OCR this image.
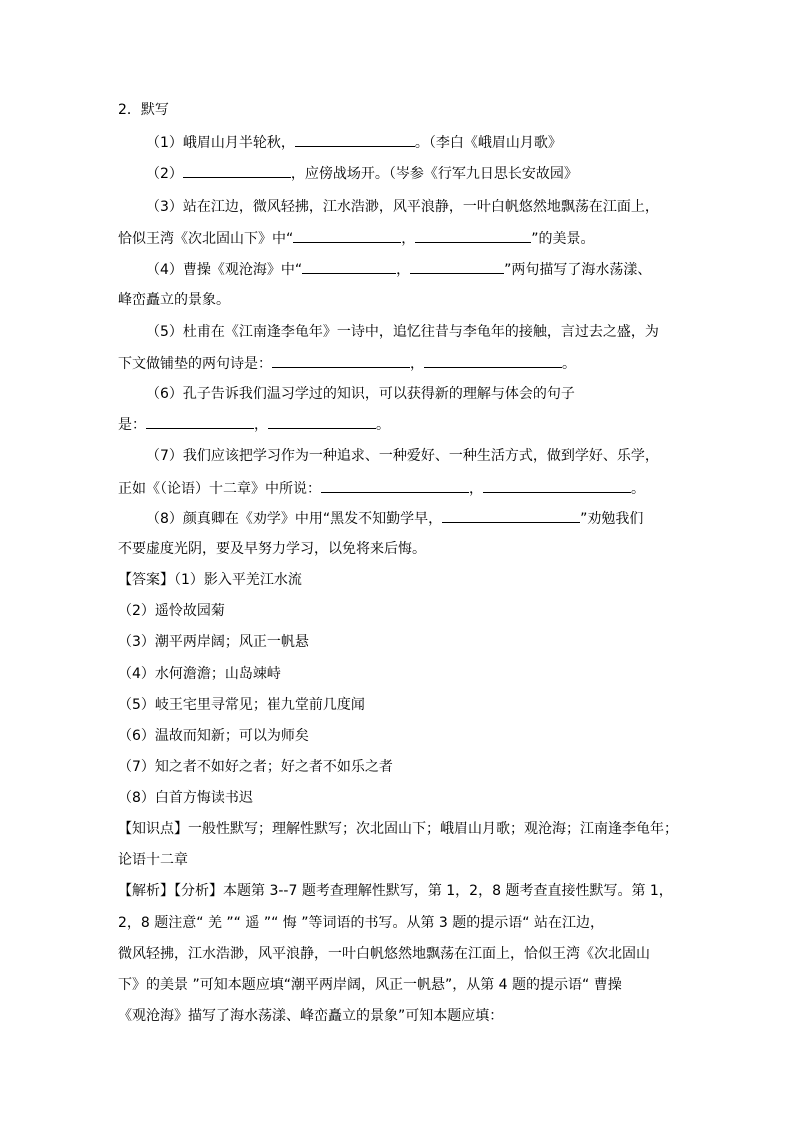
2．默写
（1）峨眉山月半轮秋，	。（李白《峨眉山月歌》
（2）	，应傍战场开。（岑参《行军九日思长安故园》
（3）站在江边，微风轻拂，江水浩渺，风平浪静，一叶白帆悠然地飘荡在江面上，
恰似王湾《次北固山下》中“	，	”的美景。
（4）曹操《观沧海》中“	，	”两句描写了海水荡漾、
峰峦矗立的景象。
（5）杜甫在《江南逢李龟年》一诗中，追忆往昔与李龟年的接触，言过去之盛，为
下文做铺垫的两句诗是：	，	。
（6）孔子告诉我们温习学过的知识，可以获得新的理解与体会的句子
是：	，	。
（7）我们应该把学习作为一种追求、一种爱好、一种生活方式，做到学好、乐学，
正如《（论语）十二章》中所说：	，	。
（8）颜真卿在《劝学》中用“黑发不知勤学早，	”劝勉我们
不要虚度光阴，要及早努力学习，以免将来后悔。
【答案】（1）影入平羌江水流
（2）遥怜故园菊
（3）潮平两岸阔；风正一帆悬
（4）水何澹澹；山岛竦峙
（5）岐王宅里寻常见；崔九堂前几度闻
（6）温故而知新；可以为师矣
（7）知之者不如好之者；好之者不如乐之者
（8）白首方悔读书迟
【知识点】一般性默写；理解性默写；次北固山下；峨眉山月歌；观沧海；江南逢李龟年；
论语十二章
【解析】【分析】本题第 3--7 题考查理解性默写，第 1，2，8 题考查直接性默写。第 1，
2，8 题注意“ 羌 ”“ 遥 ”“ 悔 ”等词语的书写。从第 3 题的提示语“ 站在江边，
微风轻拂，江水浩渺，风平浪静，一叶白帆悠然地飘荡在江面上，恰似王湾《次北固山
下》的美景 ”可知本题应填“潮平两岸阔，风正一帆悬”，从第 4 题的提示语“ 曹操
《观沧海》描写了海水荡漾、峰峦矗立的景象”可知本题应填：
